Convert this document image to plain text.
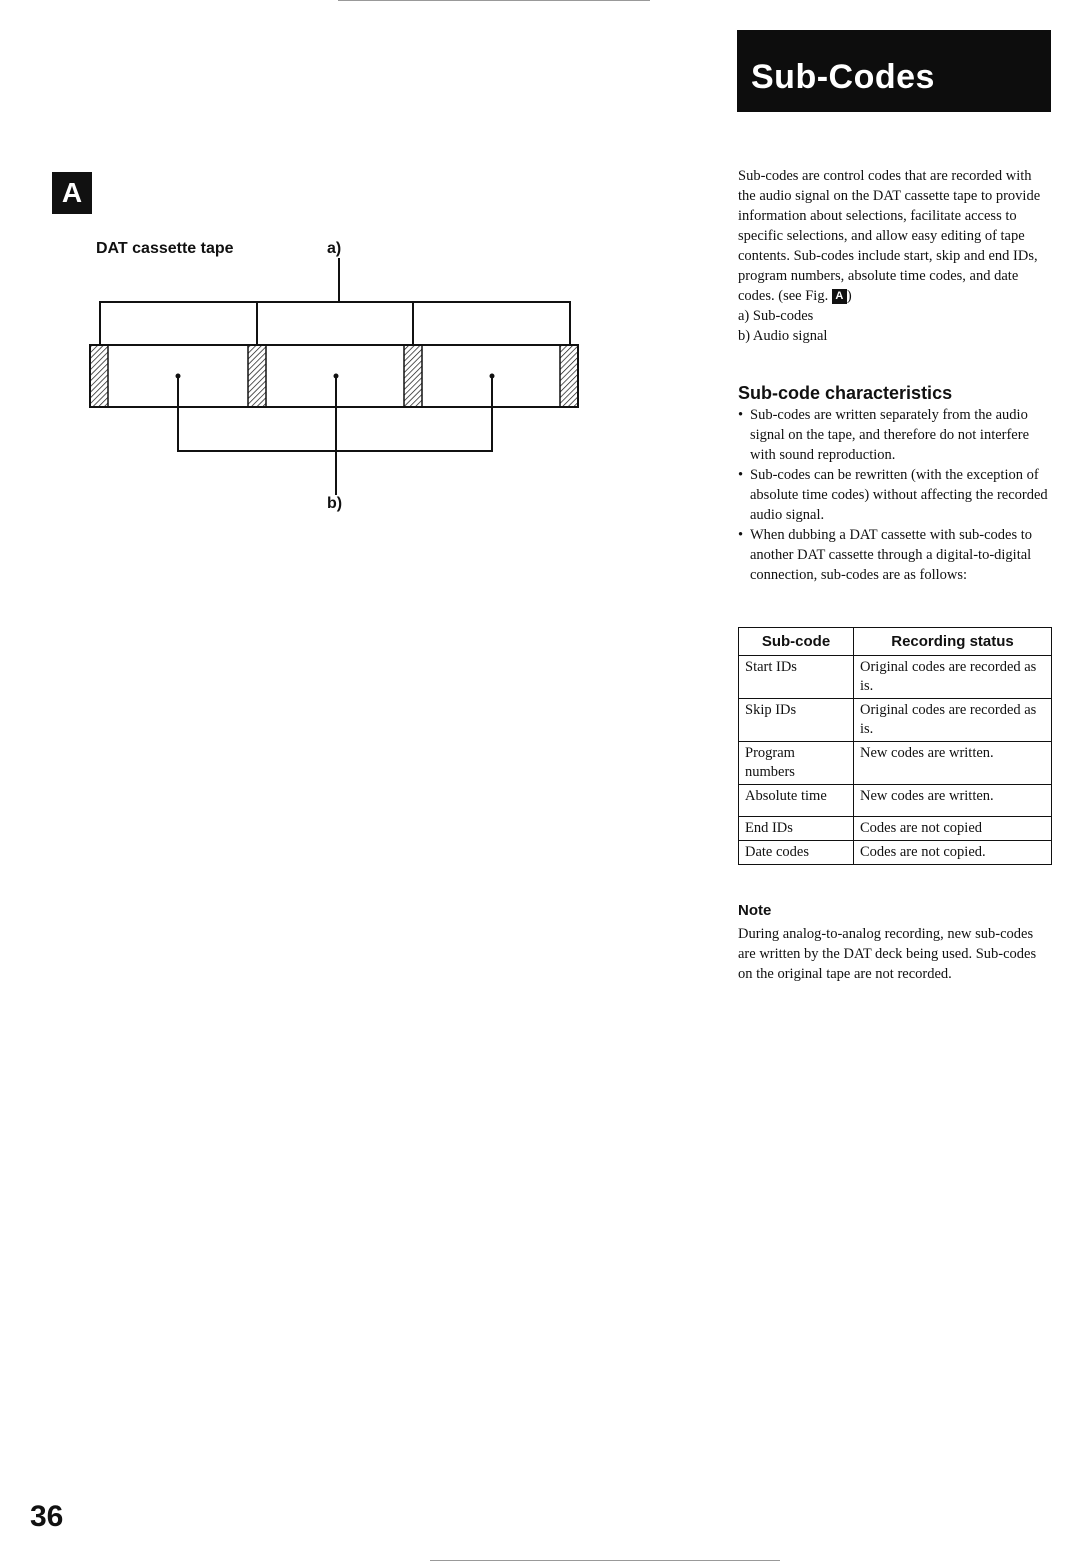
Sub-Codes
A
DAT cassette tape	a)
b)

Sub-codes are control codes that are recorded with the audio signal on the DAT cassette tape to provide information about selections, facilitate access to specific selections, and allow easy editing of tape contents. Sub-codes include start, skip and end IDs, program numbers, absolute time codes, and date codes. (see Fig. A )

a) Sub-codes

b) Audio signal

Sub-code characteristics
• Sub-codes are written separately from the audio signal on the tape, and therefore do not interfere with sound reproduction.
• Sub-codes can be rewritten (with the exception of absolute time codes) without affecting the recorded audio signal.
• When dubbing a DAT cassette with sub-codes to another DAT cassette through a digital-to-digital connection, sub-codes are as follows:
Sub-code	Recording status
Start IDs	Original codes are recorded as is.
Skip IDs	Original codes are recorded as is.
Program numbers	New codes are written.
Absolute time	New codes are written.
End IDs	Codes are not copied
Date codes	Codes are not copied.
Note

During analog-to-analog recording, new sub-codes are written by the DAT deck being used. Sub-codes on the original tape are not recorded.

36
